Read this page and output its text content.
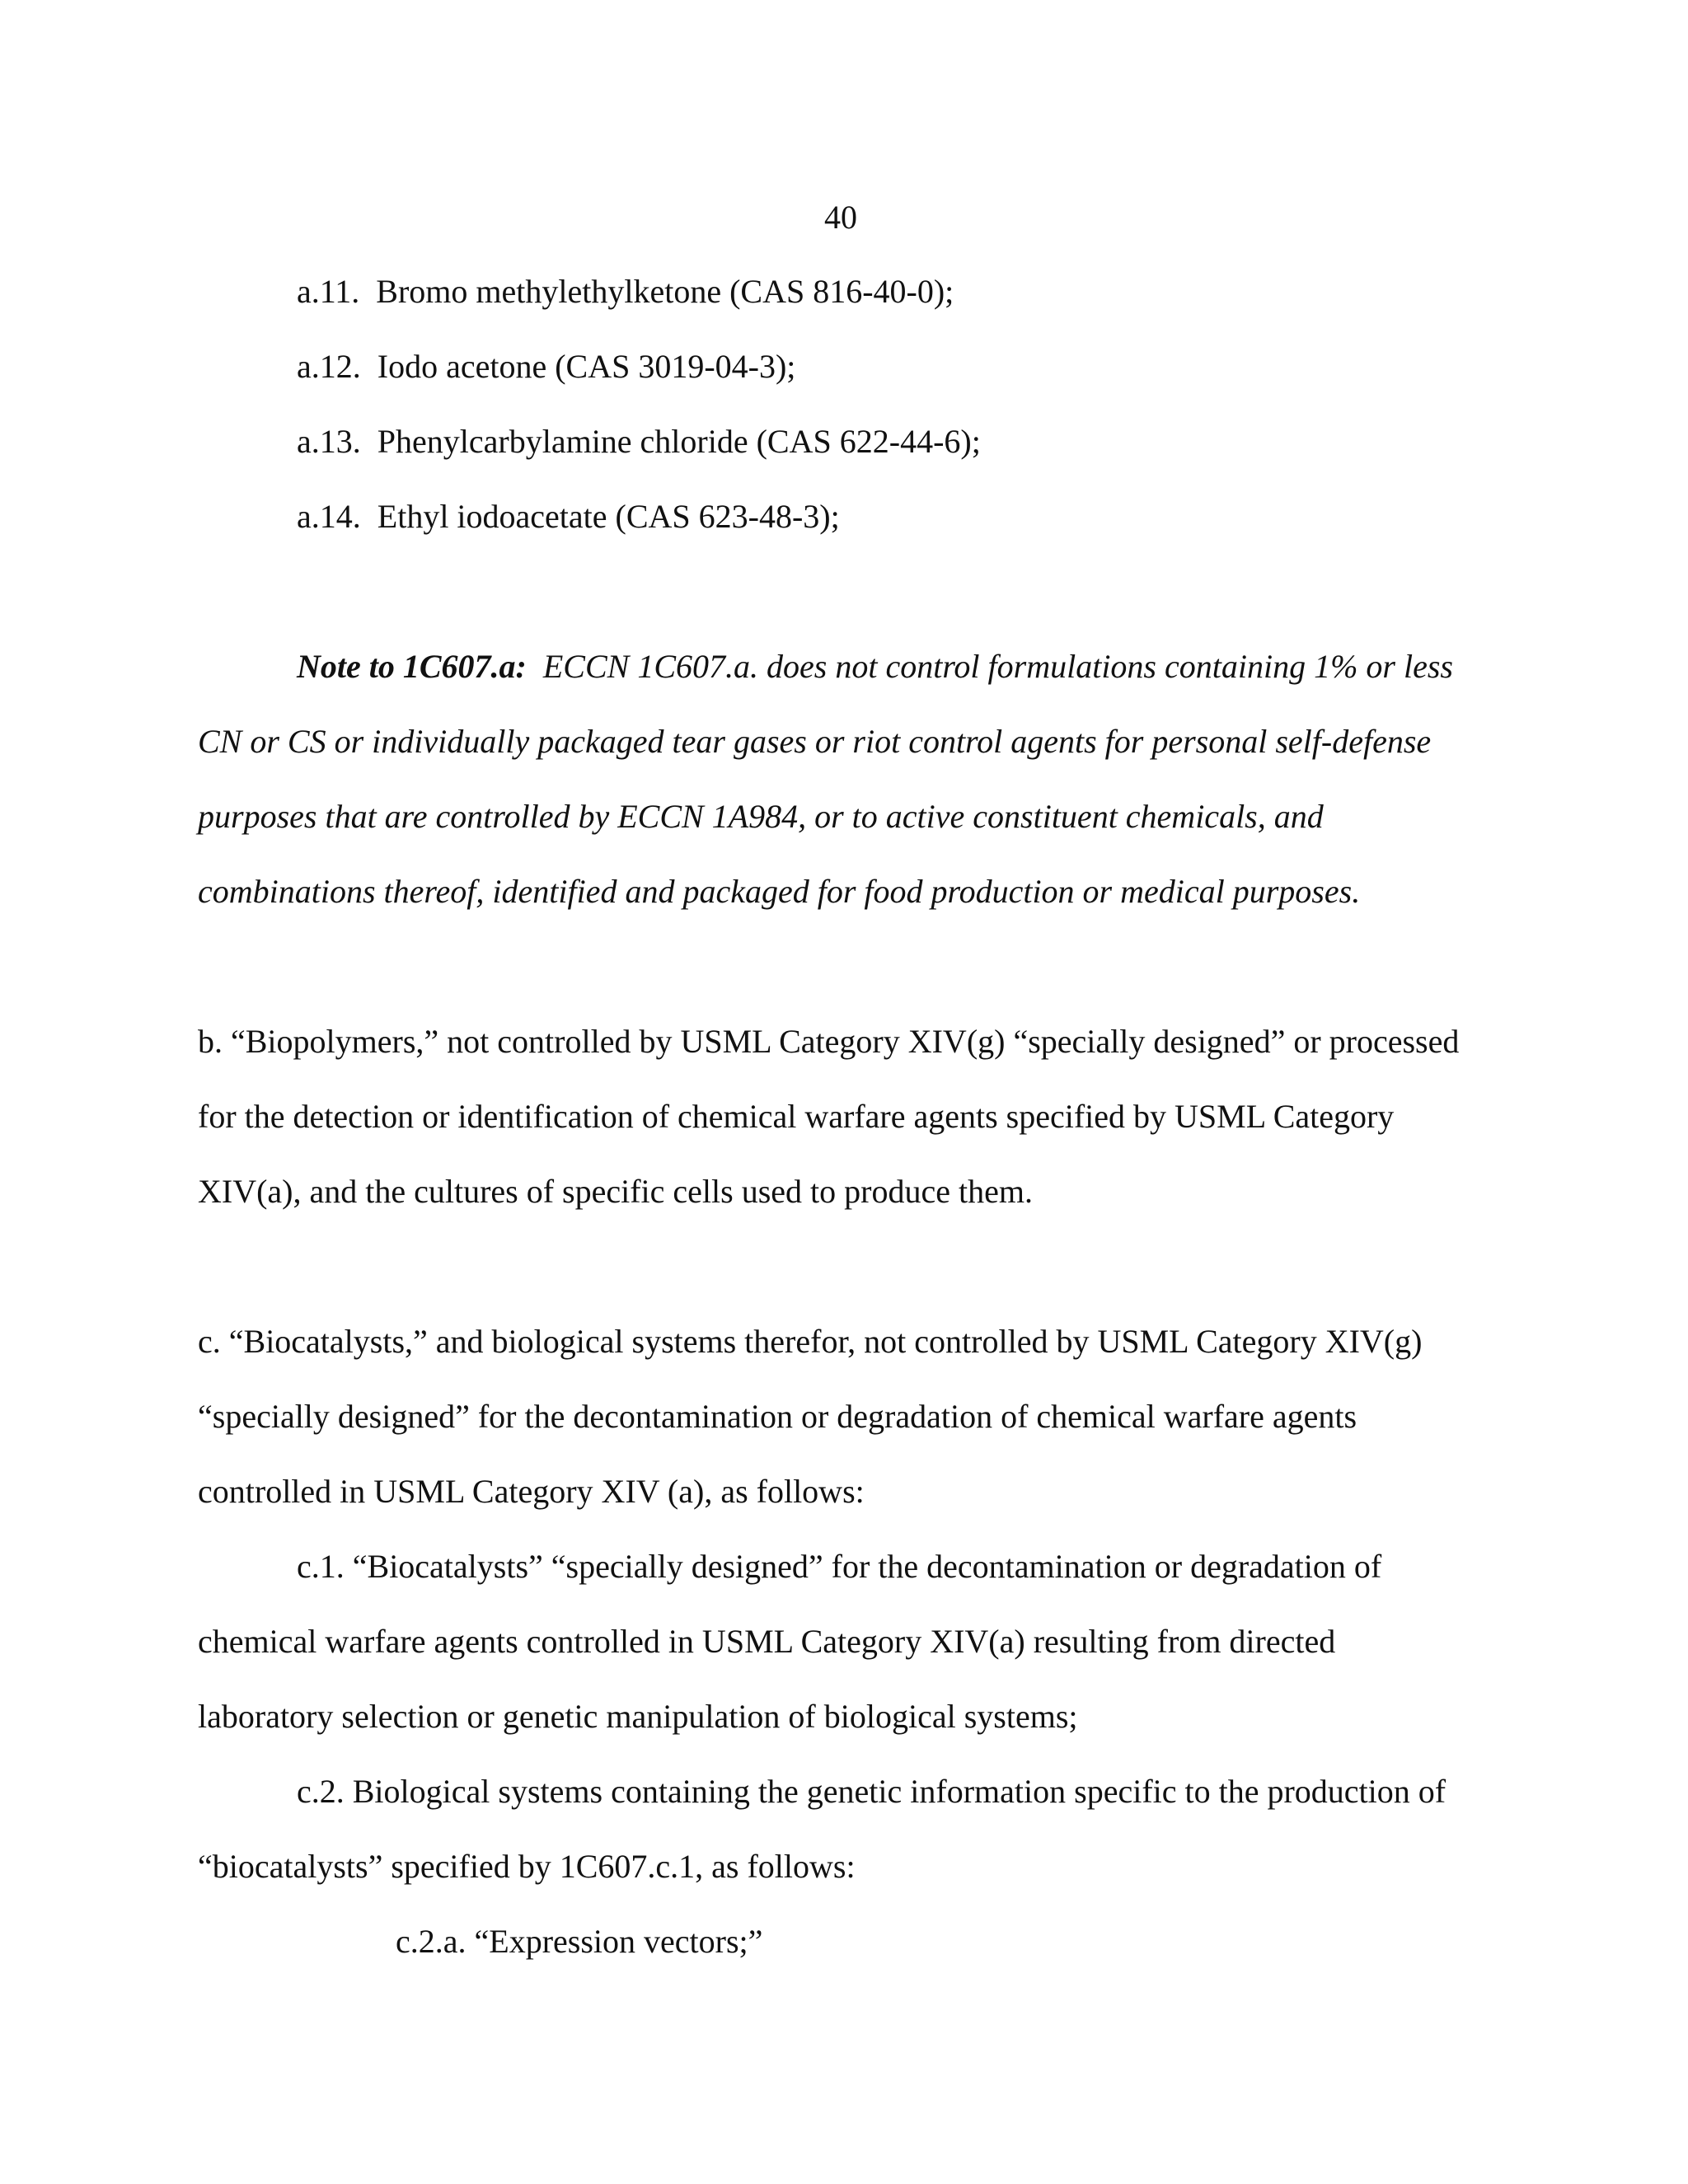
40
a.11. Bromo methylethylketone (CAS 816-40-0);
a.12. Iodo acetone (CAS 3019-04-3);
a.13. Phenylcarbylamine chloride (CAS 622-44-6);
a.14. Ethyl iodoacetate (CAS 623-48-3);
Note to 1C607.a: ECCN 1C607.a. does not control formulations containing 1% or less
CN or CS or individually packaged tear gases or riot control agents for personal self-defense
purposes that are controlled by ECCN 1A984, or to active constituent chemicals, and
combinations thereof, identified and packaged for food production or medical purposes.
b. “Biopolymers,” not controlled by USML Category XIV(g) “specially designed” or processed
for the detection or identification of chemical warfare agents specified by USML Category
XIV(a), and the cultures of specific cells used to produce them.
c. “Biocatalysts,” and biological systems therefor, not controlled by USML Category XIV(g)
“specially designed” for the decontamination or degradation of chemical warfare agents
controlled in USML Category XIV (a), as follows:
c.1. “Biocatalysts” “specially designed” for the decontamination or degradation of
chemical warfare agents controlled in USML Category XIV(a) resulting from directed
laboratory selection or genetic manipulation of biological systems;
c.2. Biological systems containing the genetic information specific to the production of
“biocatalysts” specified by 1C607.c.1, as follows:
c.2.a. “Expression vectors;”
